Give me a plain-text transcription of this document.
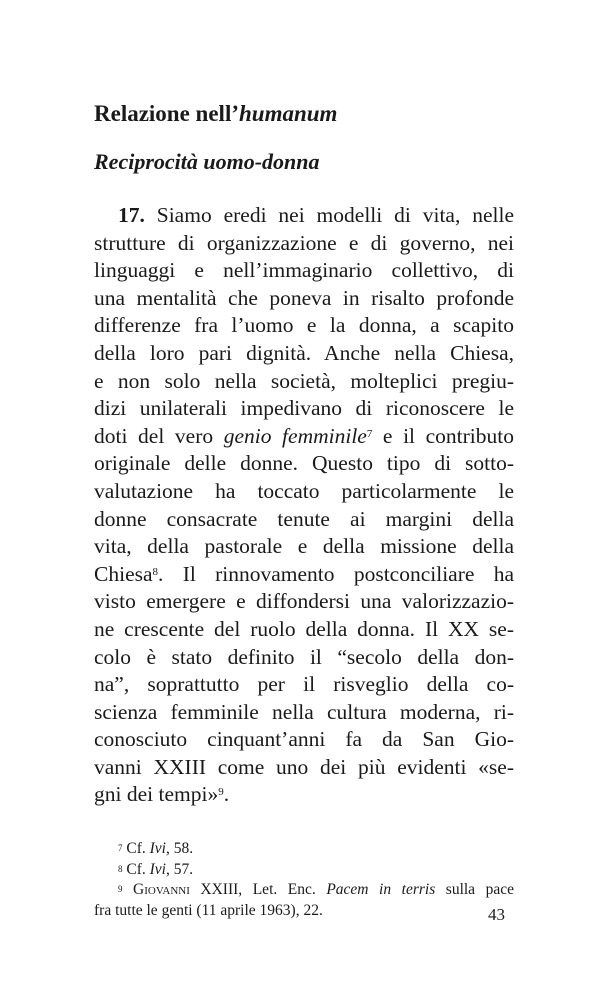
Relazione nell’humanum
Reciprocità uomo-donna
17. Siamo eredi nei modelli di vita, nelle
strutture di organizzazione e di governo, nei
linguaggi e nell’immaginario collettivo, di
una mentalità che poneva in risalto profonde
differenze fra l’uomo e la donna, a scapito
della loro pari dignità. Anche nella Chiesa,
e non solo nella società, molteplici pregiu-
dizi unilaterali impedivano di riconoscere le
doti del vero genio femminile$^7$ e il contributo
originale delle donne. Questo tipo di sotto-
valutazione ha toccato particolarmente le
donne consacrate tenute ai margini della
vita, della pastorale e della missione della
Chiesa$^8$. Il rinnovamento postconciliare ha
visto emergere e diffondersi una valorizzazio-
ne crescente del ruolo della donna. Il XX se-
colo è stato definito il “secolo della don-
na”, soprattutto per il risveglio della co-
scienza femminile nella cultura moderna, ri-
conosciuto cinquant’anni fa da San Gio-
vanni XXIII come uno dei più evidenti «se-
gni dei tempi»$^9$.
$^7$ Cf. Ivi, 58.
$^8$ Cf. Ivi, 57.
$^9$ Giovanni XXIII, Let. Enc. Pacem in terris sulla pace
fra tutte le genti (11 aprile 1963), 22.	43
